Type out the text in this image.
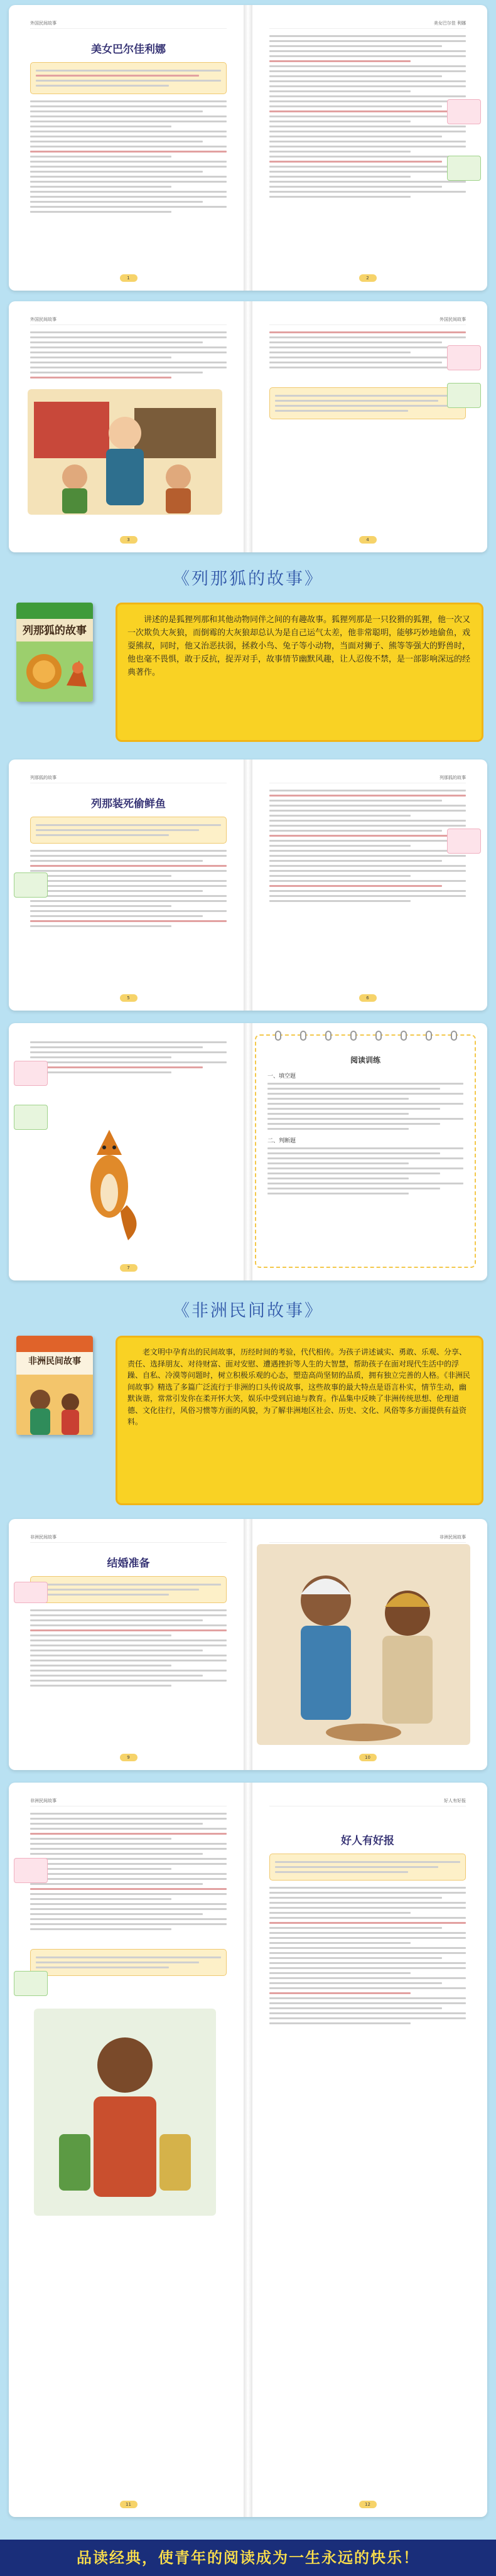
外国民间故事
美女巴尔佳利娜
1
美女巴尔佳 利娜
2
外国民间故事
3
外国民间故事
4
《列那狐的故事》
列那狐的故事
讲述的是狐狸列那和其他动物同伴之间的有趣故事。狐狸列那是一只狡猾的狐狸，他一次又一次欺负大灰狼，而倒霉的大灰狼却总认为是自己运气太差，他非常聪明，能够巧妙地偷鱼，戏耍熊叔，同时，他又治恶扶弱，拯救小鸟、兔子等小动物，当面对狮子、熊等等强大的野兽时，他也毫不畏惧，敢于反抗，捉弄对手，故事情节幽默风趣，让人忍俊不禁，是一部影响深远的经典著作。
列那狐的故事
列那装死偷鲜鱼
5
列那狐的故事
6
7
阅读训练
一、填空题
二、判断题
《非洲民间故事》
非洲民间故事
老文明中孕育出的民间故事，历经时间的考验，代代相传。为孩子讲述诚实、勇敢、乐观、分享、责任、选择朋友、对待财富、面对安慰、遭遇挫折等人生的大智慧，帮助孩子在面对现代生活中的浮躁、自私、冷漠等问题时，树立积极乐观的心态，塑造高尚坚韧的品质，拥有独立完善的人格。《非洲民间故事》精选了多篇广泛流行于非洲的口头传说故事，这些故事的最大特点是语言朴实，情节生动，幽默诙谐，常常引发你在柔开怀大笑，娱乐中受到启迪与教育。作品集中反映了非洲传统思想、伦理道德、文化往行，风俗习惯等方面的风貌，为了解非洲地区社会、历史、文化、风俗等多方面提供有益资料。
非洲民间故事
结婚准备
9
非洲民间故事
10
非洲民间故事
11
好人有好报
好人有好报
12
品读经典，使青年的阅读成为一生永远的快乐！
